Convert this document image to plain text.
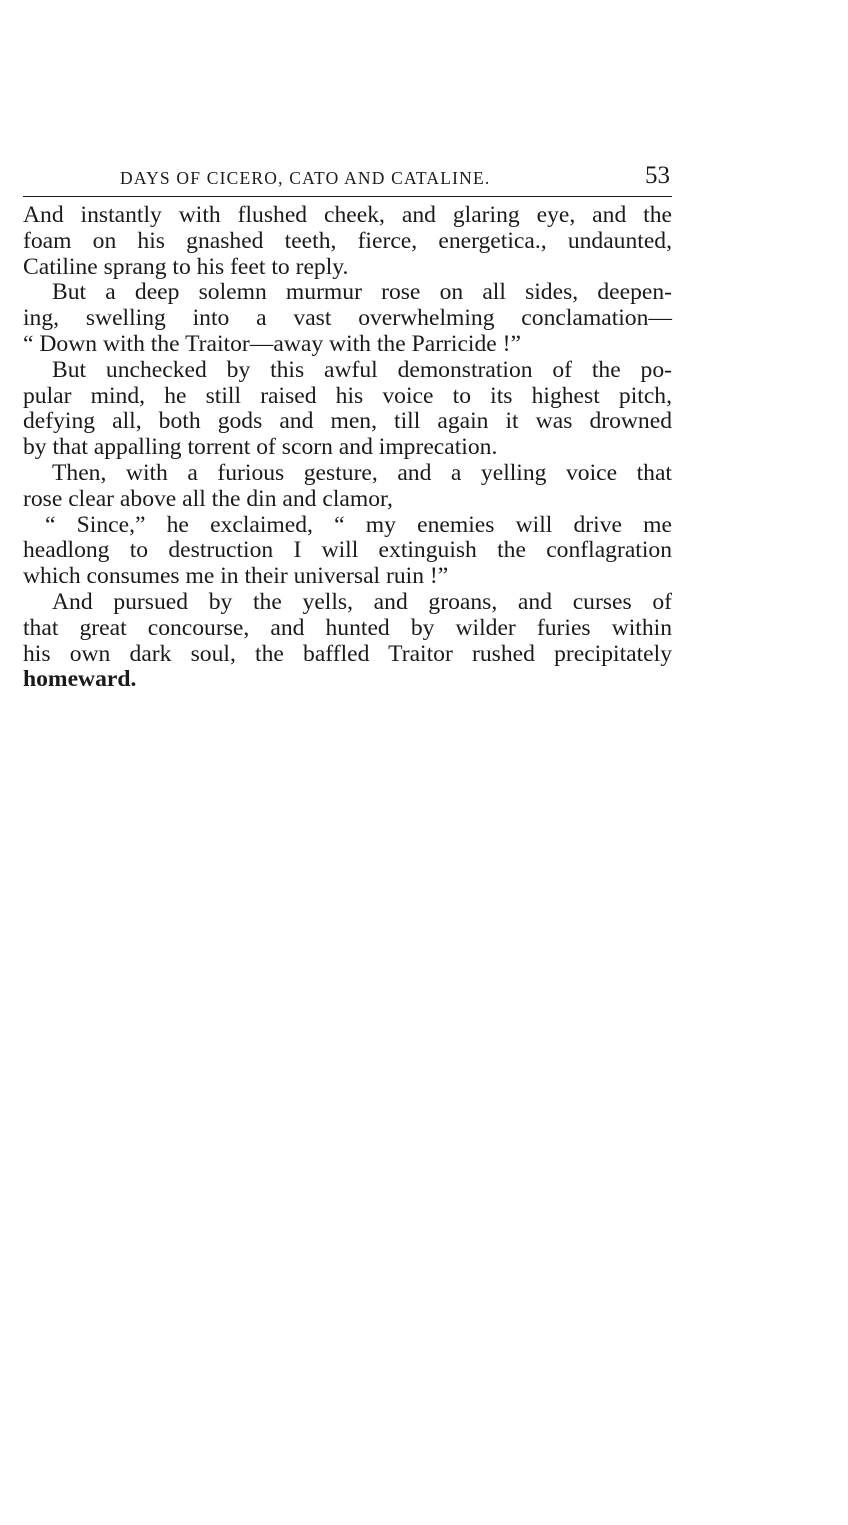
DAYS OF CICERO, CATO AND CATALINE.	53

And instantly with flushed cheek, and glaring eye, and the
foam on his gnashed teeth, fierce, energetica., undaunted,
Catiline sprang to his feet to reply.

But a deep solemn murmur rose on all sides, deepen-
ing, swelling into a vast overwhelming conclamation—
“ Down with the Traitor—away with the Parricide !”

But unchecked by this awful demonstration of the po-
pular mind, he still raised his voice to its highest pitch,
defying all, both gods and men, till again it was drowned
by that appalling torrent of scorn and imprecation.

Then, with a furious gesture, and a yelling voice that
rose clear above all the din and clamor,

“ Since,” he exclaimed, “ my enemies will drive me
headlong to destruction I will extinguish the conflagration
which consumes me in their universal ruin !”

And pursued by the yells, and groans, and curses of
that great concourse, and hunted by wilder furies within
his own dark soul, the baffled Traitor rushed precipitately
homeward.
